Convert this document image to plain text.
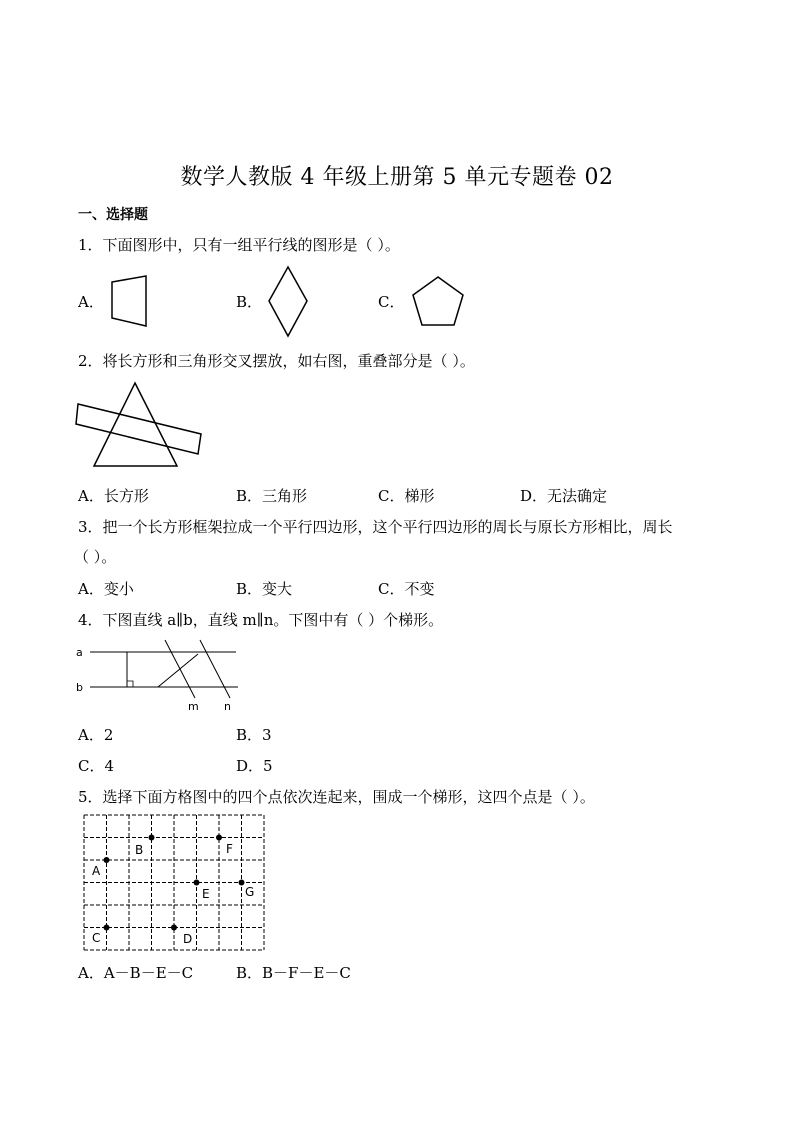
数学人教版 4 年级上册第 5 单元专题卷 02
一、选择题
1．下面图形中，只有一组平行线的图形是（ ）。
A．	B．	C．
2．将长方形和三角形交叉摆放，如右图，重叠部分是（ ）。
A．长方形	B．三角形	C．梯形	D．无法确定
3．把一个长方形框架拉成一个平行四边形，这个平行四边形的周长与原长方形相比，周长
（ ）。
A．变小	B．变大	C．不变
4．下图直线 a∥b，直线 m∥n。下图中有（ ）个梯形。
a
b
m n
A．2	B．3
C．4	D．5
5．选择下面方格图中的四个点依次连起来，围成一个梯形，这四个点是（ ）。
A
B
C	D
E
F
G
A．A－B－E－C	B．B－F－E－C
